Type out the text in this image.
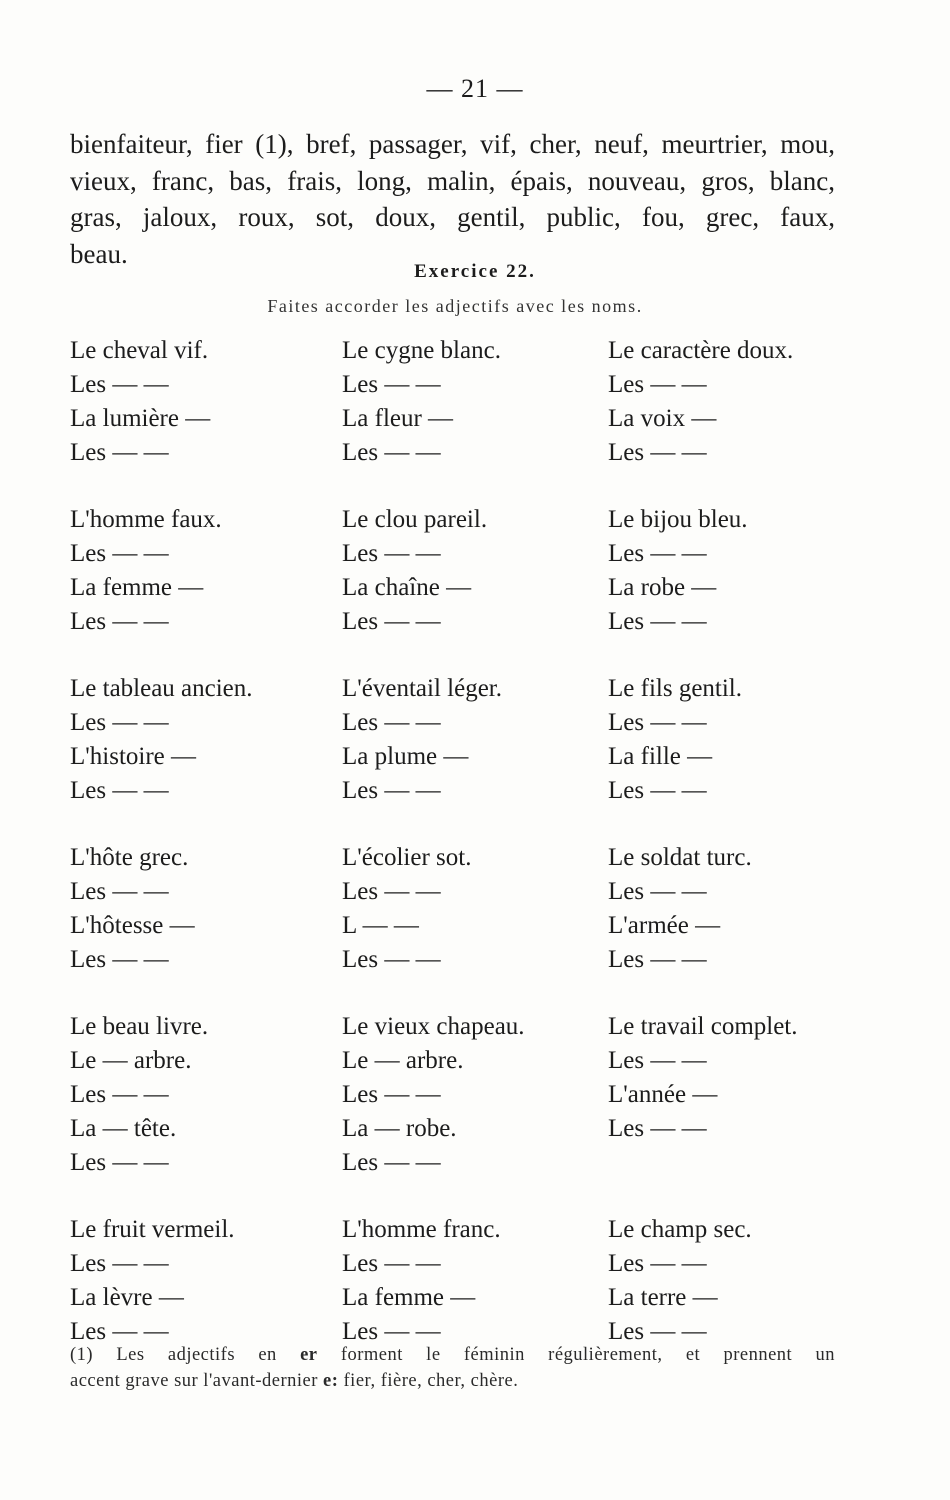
— 21 —
bienfaiteur, fier (1), bref, passager, vif, cher, neuf, meurtrier, mou,
vieux, franc, bas, frais, long, malin, épais, nouveau, gros, blanc,
gras, jaloux, roux, sot, doux, gentil, public, fou, grec, faux,
beau.
Exercice 22.
Faites accorder les adjectifs avec les noms.
Le cheval vif.	Le cygne blanc.	Le caractère doux.
Les — —	Les — —	Les — —
La lumière —	La fleur —	La voix —
Les — —	Les — —	Les — —
L'homme faux.	Le clou pareil.	Le bijou bleu.
Les — —	Les — —	Les — —
La femme —	La chaîne —	La robe —
Les — —	Les — —	Les — —
Le tableau ancien.	L'éventail léger.	Le fils gentil.
Les — —	Les — —	Les — —
L'histoire —	La plume —	La fille —
Les — —	Les — —	Les — —
L'hôte grec.	L'écolier sot.	Le soldat turc.
Les — —	Les — —	Les — —
L'hôtesse —	L — —	L'armée —
Les — —	Les — —	Les — —
Le beau livre.	Le vieux chapeau.	Le travail complet.
Le — arbre.	Le — arbre.	Les — —
Les — —	Les — —	L'année —
La — tête.	La — robe.	Les — —
Les — —	Les — —
Le fruit vermeil.	L'homme franc.	Le champ sec.
Les — —	Les — —	Les — —
La lèvre —	La femme —	La terre —
Les — —	Les — —	Les — —
(1) Les adjectifs en er forment le féminin régulièrement, et prennent un
accent grave sur l'avant-dernier e: fier, fière, cher, chère.
